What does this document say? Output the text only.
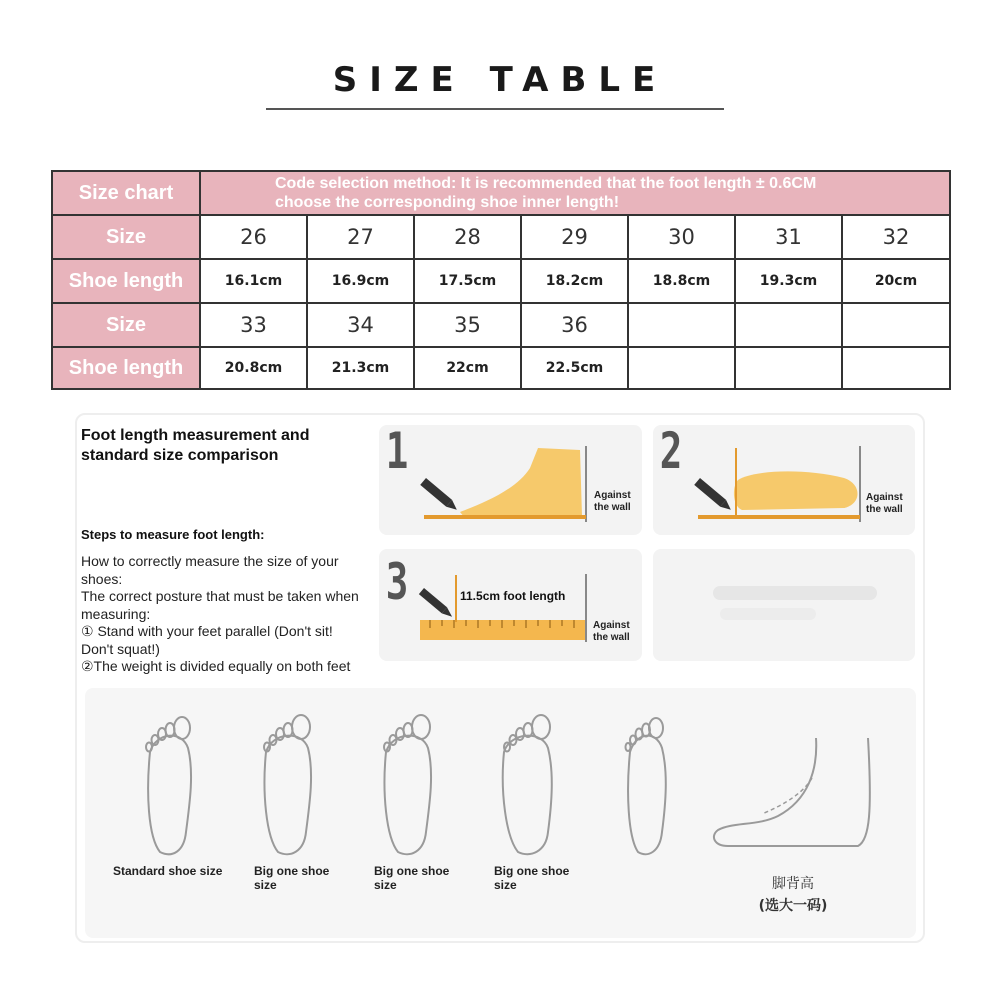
SIZE TABLE
Size chart	Code selection method: It is recommended that the foot length ± 0.6CM
choose the corresponding shoe inner length!
Size	26	27	28	29	30	31	32
Shoe length	16.1cm	16.9cm	17.5cm	18.2cm	18.8cm	19.3cm	20cm
Size	33	34	35	36
Shoe length	20.8cm	21.3cm	22cm	22.5cm
Foot length measurement and standard size comparison
Steps to measure foot length:
How to correctly measure the size of your shoes:
The correct posture that must be taken when measuring:
① Stand with your feet parallel (Don't sit! Don't squat!)
②The weight is divided equally on both feet
1
Against
the wall
2
Against
the wall
3	11.5cm foot length
Against
the wall
Standard shoe size	Big one shoe size
Big one shoe size
Big one shoe size	脚背高
(选大一码)
